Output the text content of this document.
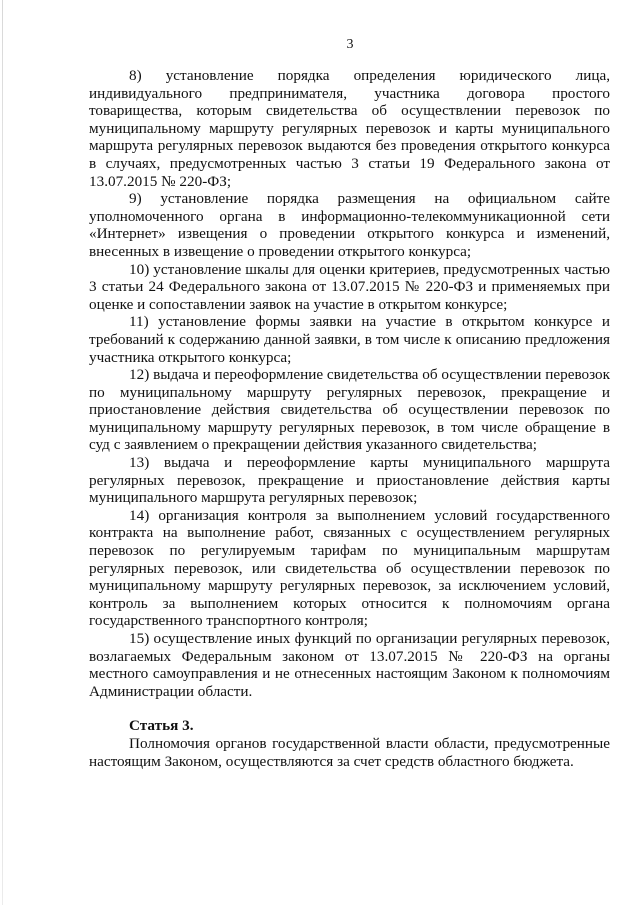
3

8) установление порядка определения юридического лица, индивидуального предпринимателя, участника договора простого товарищества, которым свидетельства об осуществлении перевозок по муниципальному маршруту регулярных перевозок и карты муниципального маршрута регулярных перевозок выдаются без проведения открытого конкурса в случаях, предусмотренных частью 3 статьи 19 Федерального закона от 13.07.2015 № 220-ФЗ;

9) установление порядка размещения на официальном сайте уполномоченного органа в информационно-телекоммуникационной сети «Интернет» извещения о проведении открытого конкурса и изменений, внесенных в извещение о проведении открытого конкурса;

10) установление шкалы для оценки критериев, предусмотренных частью 3 статьи 24 Федерального закона от 13.07.2015 № 220-ФЗ и применяемых при оценке и сопоставлении заявок на участие в открытом конкурсе;

11) установление формы заявки на участие в открытом конкурсе и требований к содержанию данной заявки, в том числе к описанию предложения участника открытого конкурса;

12) выдача и переоформление свидетельства об осуществлении перевозок по муниципальному маршруту регулярных перевозок, прекращение и приостановление действия свидетельства об осуществлении перевозок по муниципальному маршруту регулярных перевозок, в том числе обращение в суд с заявлением о прекращении действия указанного свидетельства;

13) выдача и переоформление карты муниципального маршрута регулярных перевозок, прекращение и приостановление действия карты муниципального маршрута регулярных перевозок;

14) организация контроля за выполнением условий государственного контракта на выполнение работ, связанных с осуществлением регулярных перевозок по регулируемым тарифам по муниципальным маршрутам регулярных перевозок, или свидетельства об осуществлении перевозок по муниципальному маршруту регулярных перевозок, за исключением условий, контроль за выполнением которых относится к полномочиям органа государственного транспортного контроля;

15) осуществление иных функций по организации регулярных перевозок, возлагаемых Федеральным законом от 13.07.2015 № 220-ФЗ на органы местного самоуправления и не отнесенных настоящим Законом к полномочиям Администрации области.

Статья 3.

Полномочия органов государственной власти области, предусмотренные настоящим Законом, осуществляются за счет средств областного бюджета.
